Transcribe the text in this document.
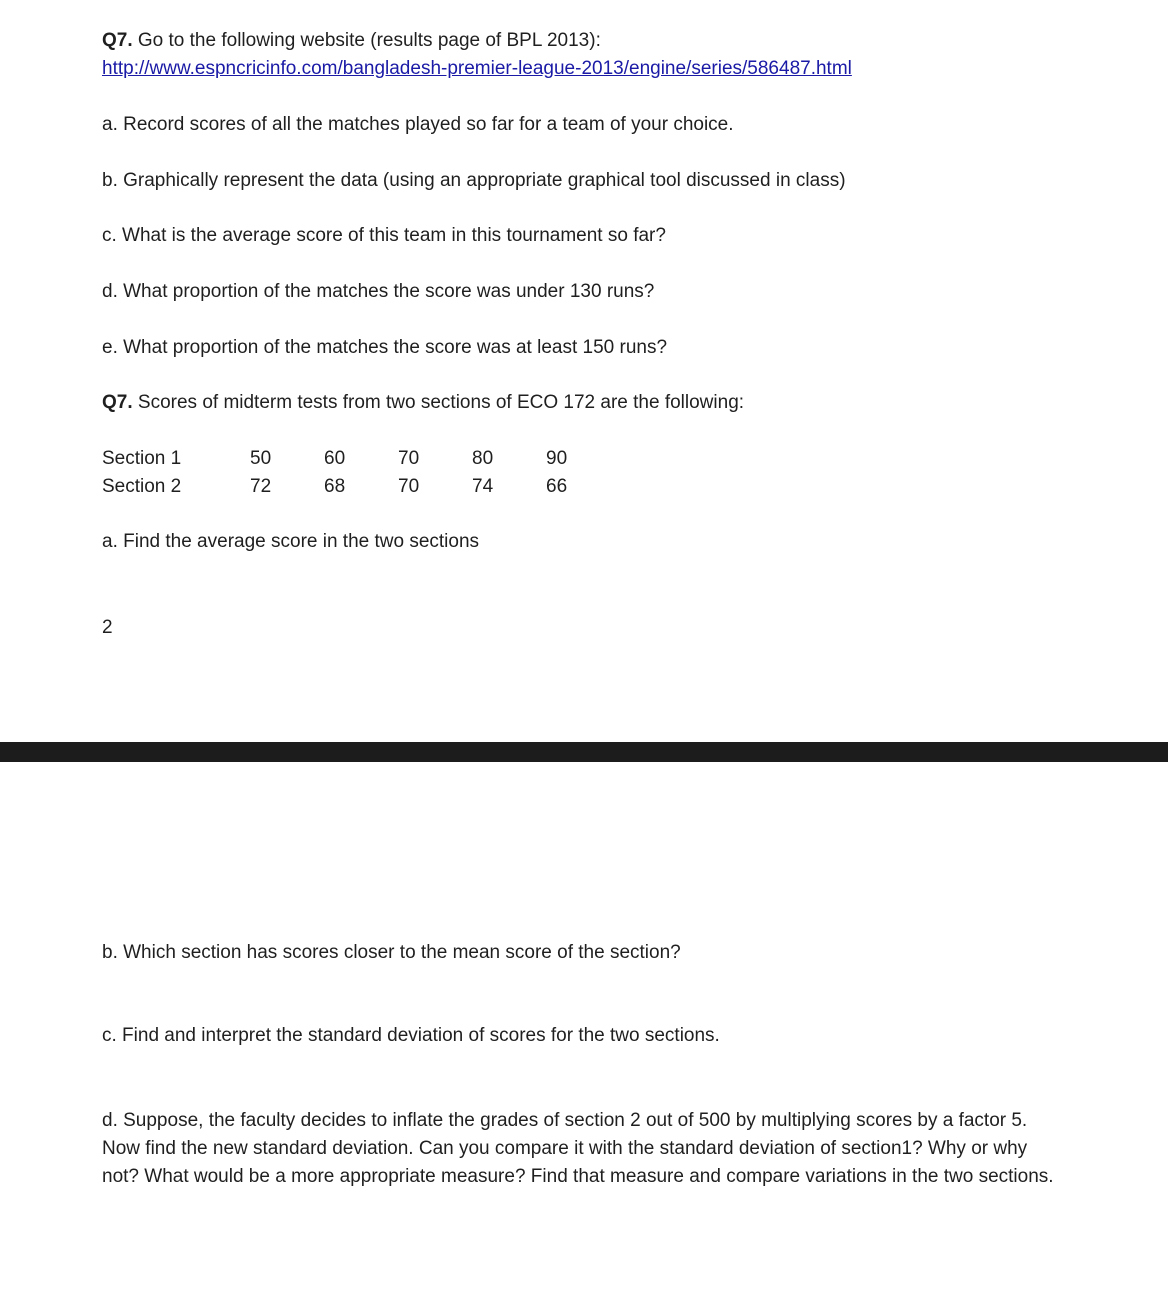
Q7. Go to the following website (results page of BPL 2013):
http://www.espncricinfo.com/bangladesh-premier-league-2013/engine/series/586487.html
a. Record scores of all the matches played so far for a team of your choice.
b. Graphically represent the data (using an appropriate graphical tool discussed in class)
c. What is the average score of this team in this tournament so far?
d. What proportion of the matches the score was under 130 runs?
e. What proportion of the matches the score was at least 150 runs?
Q7. Scores of midterm tests from two sections of ECO 172 are the following:
Section 1	50	60	70	80	90
Section 2	72	68	70	74	66
a. Find the average score in the two sections
2
b. Which section has scores closer to the mean score of the section?
c. Find and interpret the standard deviation of scores for the two sections.
d. Suppose, the faculty decides to inflate the grades of section 2 out of 500 by multiplying scores by a factor 5. Now find the new standard deviation. Can you compare it with the standard deviation of section1? Why or why not? What would be a more appropriate measure? Find that measure and compare variations in the two sections.
